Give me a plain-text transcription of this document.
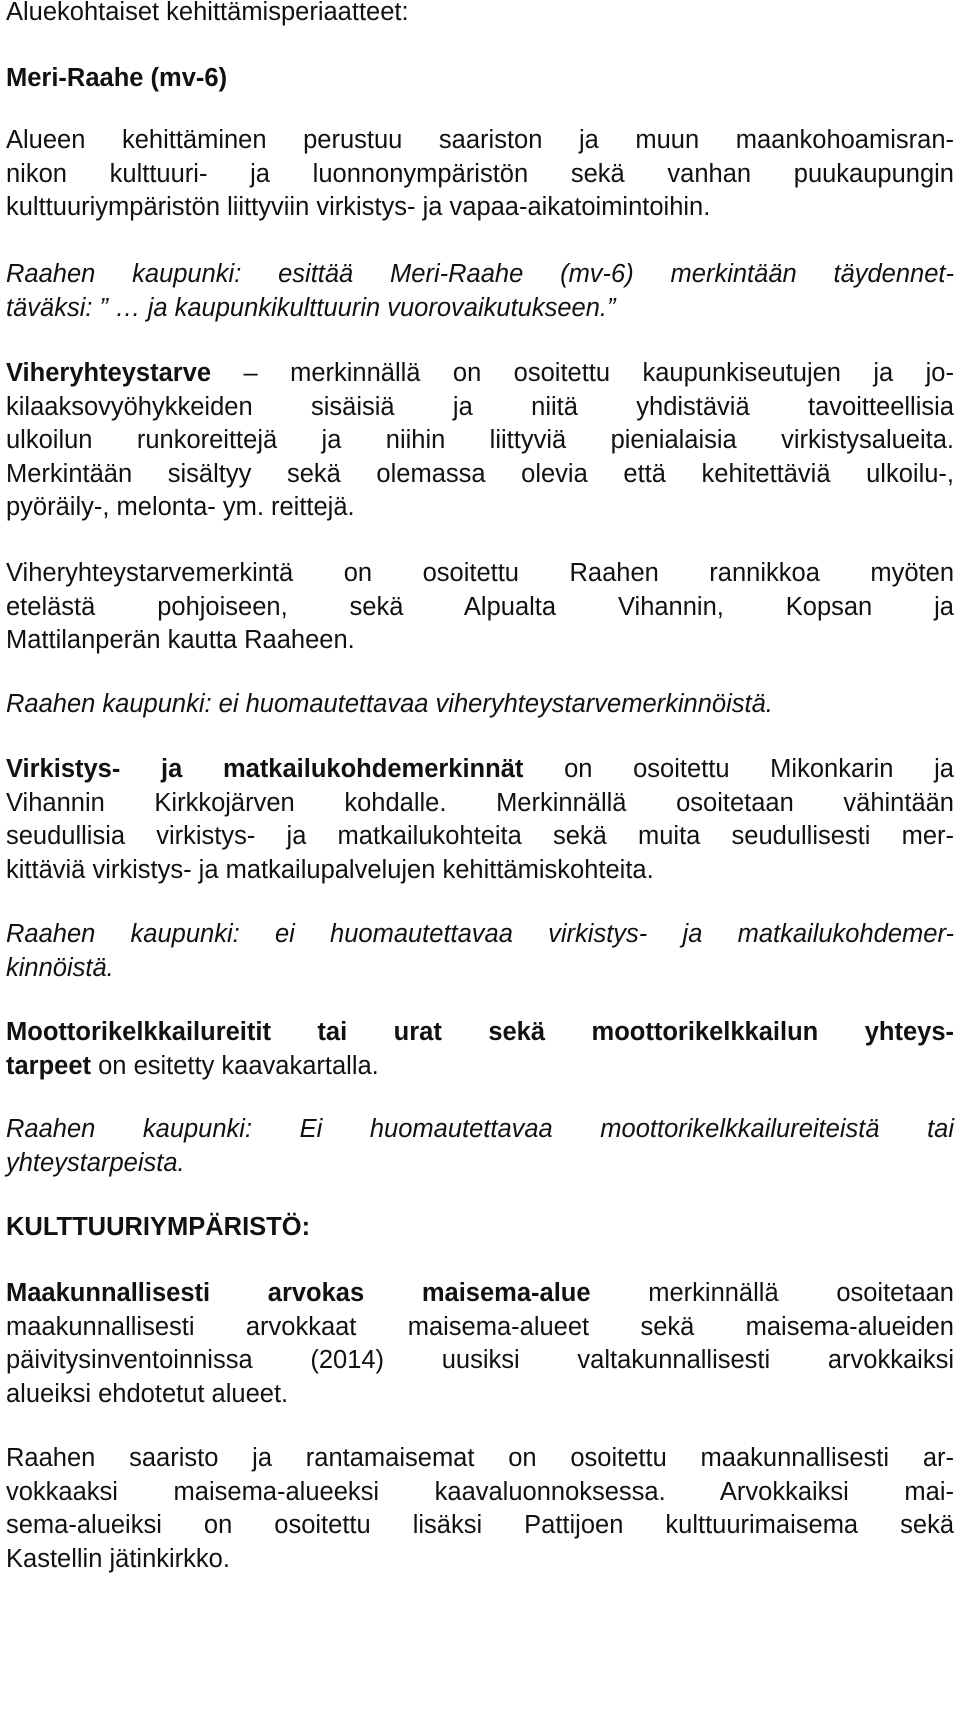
Aluekohtaiset kehittämisperiaatteet:
Meri-Raahe (mv-6)
Alueen kehittäminen perustuu saariston ja muun maankohoamisran-
nikon kulttuuri- ja luonnonympäristön sekä vanhan puukaupungin
kulttuuriympäristön liittyviin virkistys- ja vapaa-aikatoimintoihin.
Raahen kaupunki: esittää Meri-Raahe (mv-6) merkintään täydennet-
täväksi: ” … ja kaupunkikulttuurin vuorovaikutukseen.”
Viheryhteystarve – merkinnällä on osoitettu kaupunkiseutujen ja jo-
kilaaksovyöhykkeiden sisäisiä ja niitä yhdistäviä tavoitteellisia
ulkoilun runkoreittejä ja niihin liittyviä pienialaisia virkistysalueita.
Merkintään sisältyy sekä olemassa olevia että kehitettäviä ulkoilu-,
pyöräily-, melonta- ym. reittejä.
Viheryhteystarvemerkintä on osoitettu Raahen rannikkoa myöten
etelästä pohjoiseen, sekä Alpualta Vihannin, Kopsan ja
Mattilanperän kautta Raaheen.
Raahen kaupunki: ei huomautettavaa viheryhteystarvemerkinnöistä.
Virkistys- ja matkailukohdemerkinnät on osoitettu Mikonkarin ja
Vihannin Kirkkojärven kohdalle. Merkinnällä osoitetaan vähintään
seudullisia virkistys- ja matkailukohteita sekä muita seudullisesti mer-
kittäviä virkistys- ja matkailupalvelujen kehittämiskohteita.
Raahen kaupunki: ei huomautettavaa virkistys- ja matkailukohdemer-
kinnöistä.
Moottorikelkkailureitit tai urat sekä moottorikelkkailun yhteys-
tarpeet on esitetty kaavakartalla.
Raahen kaupunki: Ei huomautettavaa moottorikelkkailureiteistä tai
yhteystarpeista.
KULTTUURIYMPÄRISTÖ:
Maakunnallisesti arvokas maisema-alue merkinnällä osoitetaan
maakunnallisesti arvokkaat maisema-alueet sekä maisema-alueiden
päivitysinventoinnissa (2014) uusiksi valtakunnallisesti arvokkaiksi
alueiksi ehdotetut alueet.
Raahen saaristo ja rantamaisemat on osoitettu maakunnallisesti ar-
vokkaaksi maisema-alueeksi kaavaluonnoksessa. Arvokkaiksi mai-
sema-alueiksi on osoitettu lisäksi Pattijoen kulttuurimaisema sekä
Kastellin jätinkirkko.
